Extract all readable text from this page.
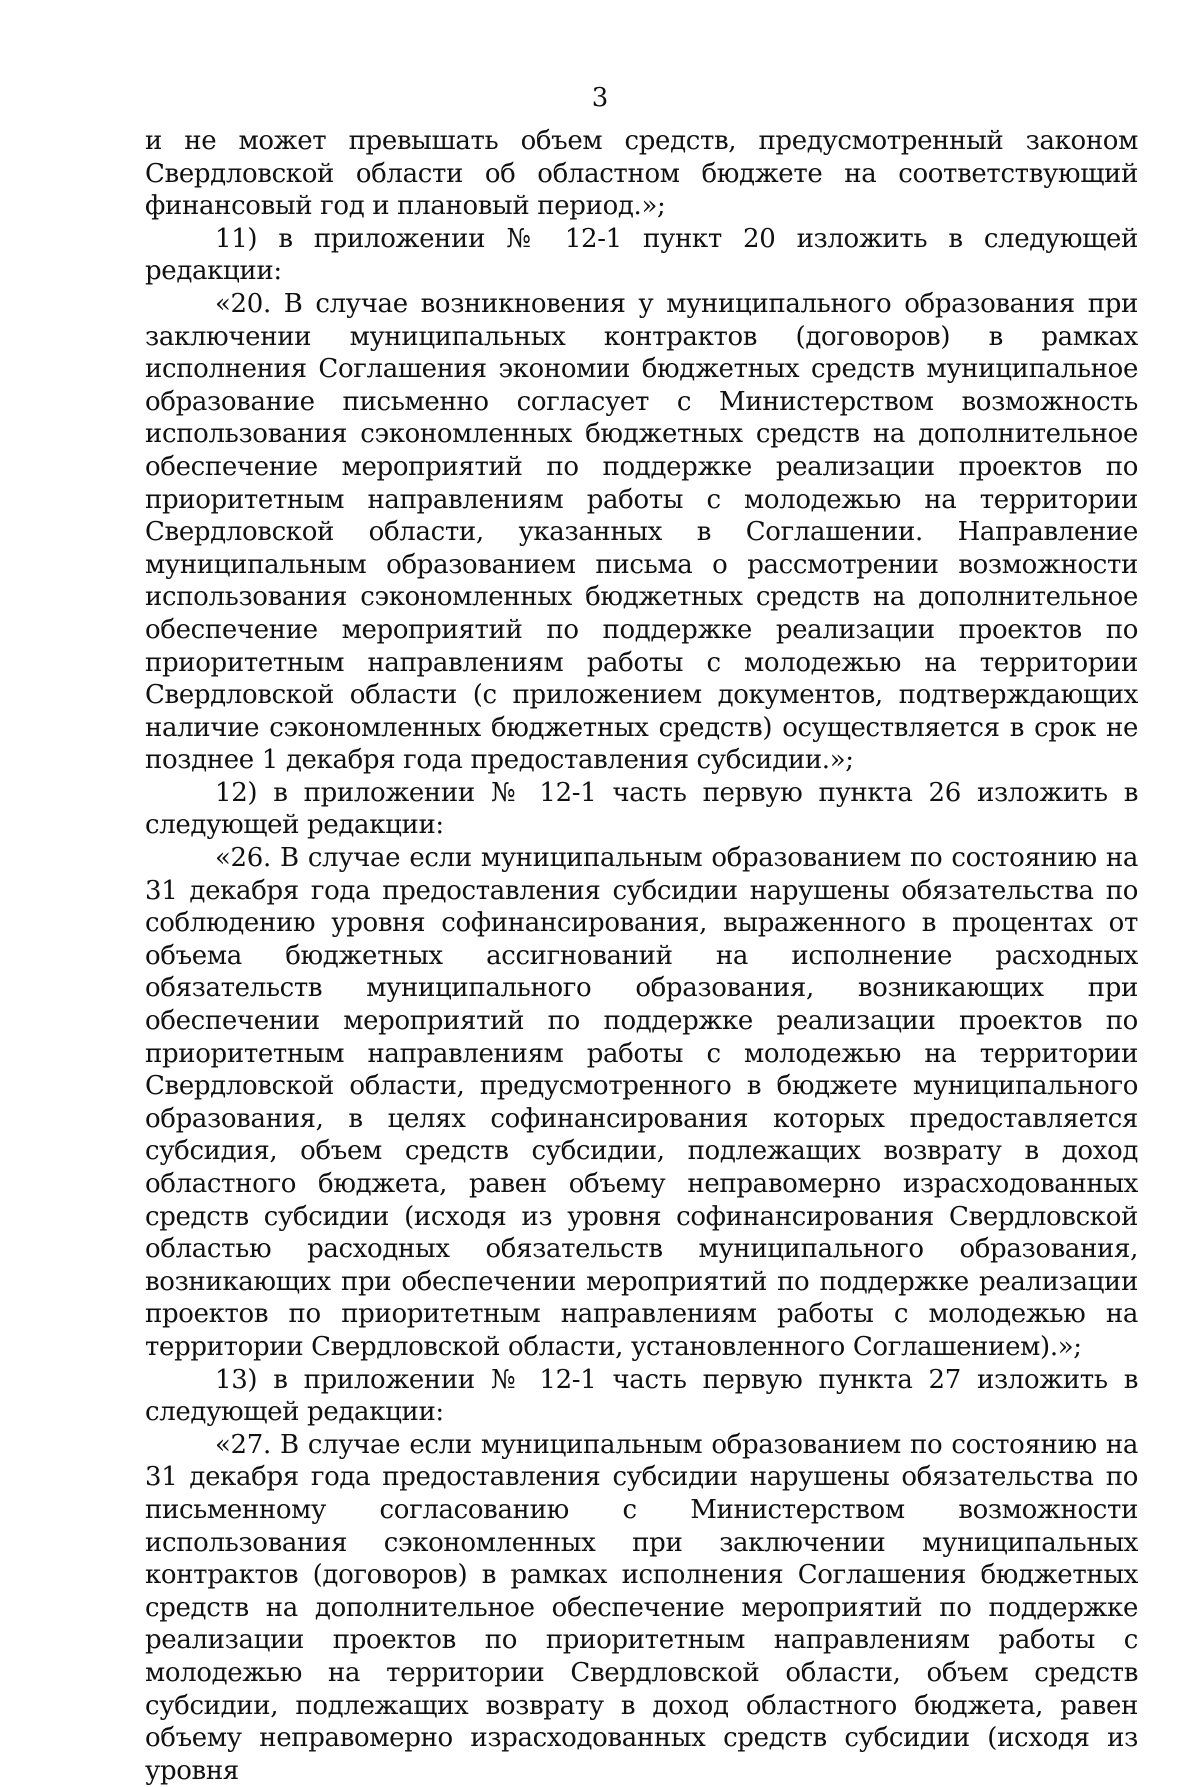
3

и не может превышать объем средств, предусмотренный законом Свердловской области об областном бюджете на соответствующий финансовый год и плановый период.»;

11) в приложении № 12-1 пункт 20 изложить в следующей редакции:

«20. В случае возникновения у муниципального образования при заключении муниципальных контрактов (договоров) в рамках исполнения Соглашения экономии бюджетных средств муниципальное образование письменно согласует с Министерством возможность использования сэкономленных бюджетных средств на дополнительное обеспечение мероприятий по поддержке реализации проектов по приоритетным направлениям работы с молодежью на территории Свердловской области, указанных в Соглашении. Направление муниципальным образованием письма о рассмотрении возможности использования сэкономленных бюджетных средств на дополнительное обеспечение мероприятий по поддержке реализации проектов по приоритетным направлениям работы с молодежью на территории Свердловской области (с приложением документов, подтверждающих наличие сэкономленных бюджетных средств) осуществляется в срок не позднее 1 декабря года предоставления субсидии.»;

12) в приложении № 12-1 часть первую пункта 26 изложить в следующей редакции:

«26. В случае если муниципальным образованием по состоянию на 31 декабря года предоставления субсидии нарушены обязательства по соблюдению уровня софинансирования, выраженного в процентах от объема бюджетных ассигнований на исполнение расходных обязательств муниципального образования, возникающих при обеспечении мероприятий по поддержке реализации проектов по приоритетным направлениям работы с молодежью на территории Свердловской области, предусмотренного в бюджете муниципального образования, в целях софинансирования которых предоставляется субсидия, объем средств субсидии, подлежащих возврату в доход областного бюджета, равен объему неправомерно израсходованных средств субсидии (исходя из уровня софинансирования Свердловской областью расходных обязательств муниципального образования, возникающих при обеспечении мероприятий по поддержке реализации проектов по приоритетным направлениям работы с молодежью на территории Свердловской области, установленного Соглашением).»;

13) в приложении № 12-1 часть первую пункта 27 изложить в следующей редакции:

«27. В случае если муниципальным образованием по состоянию на 31 декабря года предоставления субсидии нарушены обязательства по письменному согласованию с Министерством возможности использования сэкономленных при заключении муниципальных контрактов (договоров) в рамках исполнения Соглашения бюджетных средств на дополнительное обеспечение мероприятий по поддержке реализации проектов по приоритетным направлениям работы с молодежью на территории Свердловской области, объем средств субсидии, подлежащих возврату в доход областного бюджета, равен объему неправомерно израсходованных средств субсидии (исходя из уровня
